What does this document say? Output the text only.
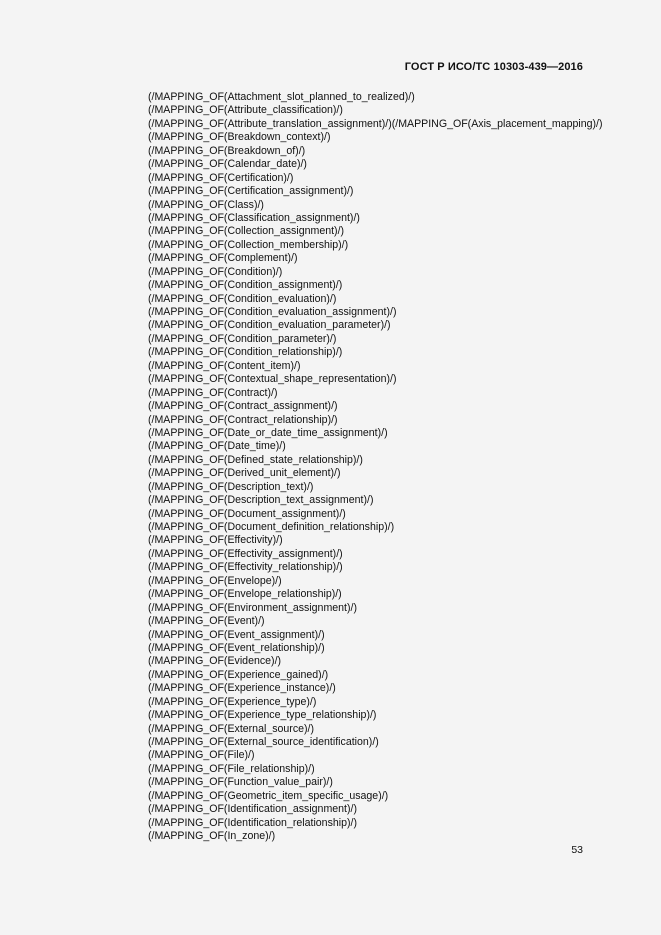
ГОСТ Р ИСО/ТС 10303-439—2016
(/MAPPING_OF(Attachment_slot_planned_to_realized)/)
(/MAPPING_OF(Attribute_classification)/)
(/MAPPING_OF(Attribute_translation_assignment)/)(/MAPPING_OF(Axis_placement_mapping)/)
(/MAPPING_OF(Breakdown_context)/)
(/MAPPING_OF(Breakdown_of)/)
(/MAPPING_OF(Calendar_date)/)
(/MAPPING_OF(Certification)/)
(/MAPPING_OF(Certification_assignment)/)
(/MAPPING_OF(Class)/)
(/MAPPING_OF(Classification_assignment)/)
(/MAPPING_OF(Collection_assignment)/)
(/MAPPING_OF(Collection_membership)/)
(/MAPPING_OF(Complement)/)
(/MAPPING_OF(Condition)/)
(/MAPPING_OF(Condition_assignment)/)
(/MAPPING_OF(Condition_evaluation)/)
(/MAPPING_OF(Condition_evaluation_assignment)/)
(/MAPPING_OF(Condition_evaluation_parameter)/)
(/MAPPING_OF(Condition_parameter)/)
(/MAPPING_OF(Condition_relationship)/)
(/MAPPING_OF(Content_item)/)
(/MAPPING_OF(Contextual_shape_representation)/)
(/MAPPING_OF(Contract)/)
(/MAPPING_OF(Contract_assignment)/)
(/MAPPING_OF(Contract_relationship)/)
(/MAPPING_OF(Date_or_date_time_assignment)/)
(/MAPPING_OF(Date_time)/)
(/MAPPING_OF(Defined_state_relationship)/)
(/MAPPING_OF(Derived_unit_element)/)
(/MAPPING_OF(Description_text)/)
(/MAPPING_OF(Description_text_assignment)/)
(/MAPPING_OF(Document_assignment)/)
(/MAPPING_OF(Document_definition_relationship)/)
(/MAPPING_OF(Effectivity)/)
(/MAPPING_OF(Effectivity_assignment)/)
(/MAPPING_OF(Effectivity_relationship)/)
(/MAPPING_OF(Envelope)/)
(/MAPPING_OF(Envelope_relationship)/)
(/MAPPING_OF(Environment_assignment)/)
(/MAPPING_OF(Event)/)
(/MAPPING_OF(Event_assignment)/)
(/MAPPING_OF(Event_relationship)/)
(/MAPPING_OF(Evidence)/)
(/MAPPING_OF(Experience_gained)/)
(/MAPPING_OF(Experience_instance)/)
(/MAPPING_OF(Experience_type)/)
(/MAPPING_OF(Experience_type_relationship)/)
(/MAPPING_OF(External_source)/)
(/MAPPING_OF(External_source_identification)/)
(/MAPPING_OF(File)/)
(/MAPPING_OF(File_relationship)/)
(/MAPPING_OF(Function_value_pair)/)
(/MAPPING_OF(Geometric_item_specific_usage)/)
(/MAPPING_OF(Identification_assignment)/)
(/MAPPING_OF(Identification_relationship)/)
(/MAPPING_OF(In_zone)/)
53
